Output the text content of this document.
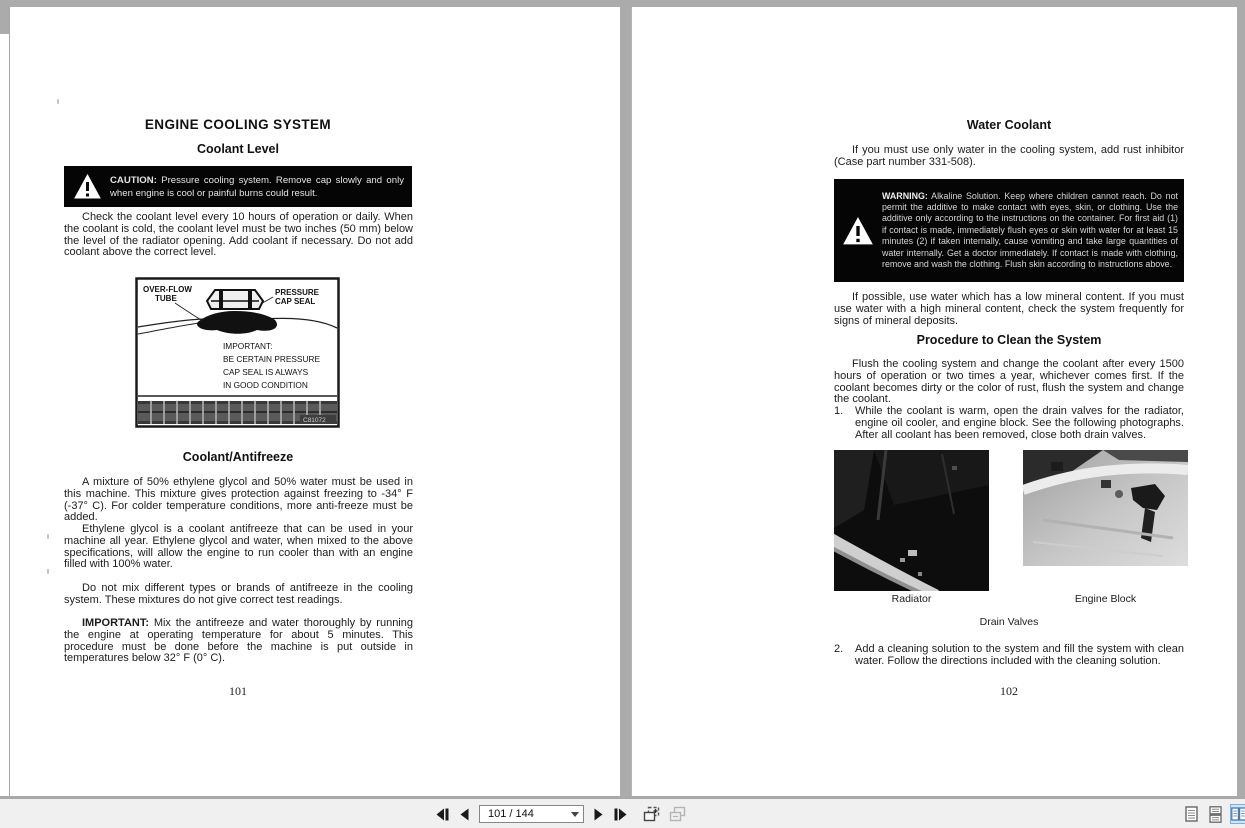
ENGINE COOLING SYSTEM
Coolant Level
CAUTION: Pressure cooling system. Remove cap slowly and only when engine is cool or painful burns could result.

Check the coolant level every 10 hours of operation or daily. When the coolant is cold, the coolant level must be two inches (50 mm) below the level of the radiator opening. Add coolant if necessary. Do not add coolant above the correct level.

OVER-FLOW
TUBE
PRESSURE
CAP SEAL
IMPORTANT:
BE CERTAIN PRESSURE
CAP SEAL IS ALWAYS
IN GOOD CONDITION
C81072
Coolant/Antifreeze

A mixture of 50% ethylene glycol and 50% water must be used in this machine. This mixture gives protection against freezing to -34° F (-37° C). For colder temperature conditions, more anti-freeze must be added.

Ethylene glycol is a coolant antifreeze that can be used in your machine all year. Ethylene glycol and water, when mixed to the above specifications, will allow the engine to run cooler than with an engine filled with 100% water.

Do not mix different types or brands of antifreeze in the cooling system. These mixtures do not give correct test readings.

IMPORTANT: Mix the antifreeze and water thoroughly by running the engine at operating temperature for about 5 minutes. This procedure must be done before the machine is put outside in temperatures below 32° F (0° C).

101
Water Coolant

If you must use only water in the cooling system, add rust inhibitor (Case part number 331-508).

WARNING: Alkaline Solution. Keep where children cannot reach. Do not permit the additive to make contact with eyes, skin, or clothing. Use the additive only according to the instructions on the container. For first aid (1) if contact is made, immediately flush eyes or skin with water for at least 15 minutes (2) if taken internally, cause vomiting and take large quantities of water internally. Get a doctor immediately. If contact is made with clothing, remove and wash the clothing. Flush skin according to instructions above.

If possible, use water which has a low mineral content. If you must use water with a high mineral content, check the system frequently for signs of mineral deposits.

Procedure to Clean the System

Flush the cooling system and change the coolant after every 1500 hours of operation or two times a year, whichever comes first. If the coolant becomes dirty or the color of rust, flush the system and change the coolant.

1.	While the coolant is warm, open the drain valves for the radiator, engine oil cooler, and engine block. See the following photographs. After all coolant has been removed, close both drain valves.
Radiator	Engine Block
Drain Valves
2.	Add a cleaning solution to the system and fill the system with clean water. Follow the directions included with the cleaning solution.
102
101 / 144
